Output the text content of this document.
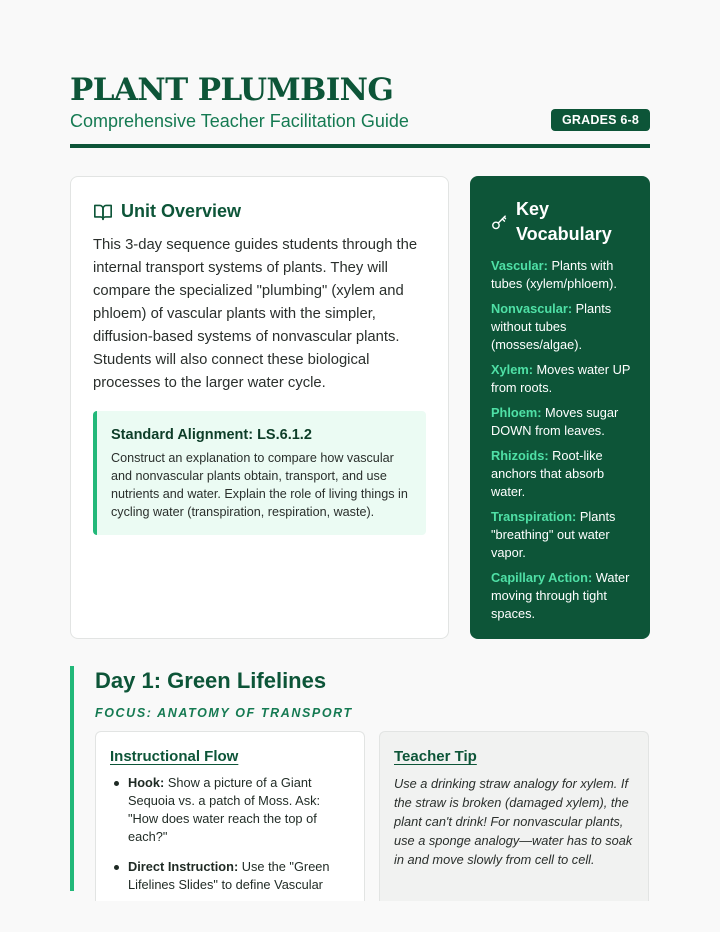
PLANT PLUMBING
Comprehensive Teacher Facilitation Guide	GRADES 6-8
Unit Overview

This 3-day sequence guides students through the internal transport systems of plants. They will compare the specialized "plumbing" (xylem and phloem) of vascular plants with the simpler, diffusion-based systems of nonvascular plants. Students will also connect these biological processes to the larger water cycle.

Standard Alignment: LS.6.1.2
Construct an explanation to compare how vascular and nonvascular plants obtain, transport, and use nutrients and water. Explain the role of living things in cycling water (transpiration, respiration, waste).
Key Vocabulary
Vascular: Plants with tubes (xylem/phloem).
Nonvascular: Plants without tubes (mosses/algae).
Xylem: Moves water UP from roots.
Phloem: Moves sugar DOWN from leaves.
Rhizoids: Root-like anchors that absorb water.
Transpiration: Plants "breathing" out water vapor.
Capillary Action: Water moving through tight spaces.
Day 1: Green Lifelines
FOCUS: ANATOMY OF TRANSPORT
Instructional Flow
Hook: Show a picture of a Giant Sequoia vs. a patch of Moss. Ask: "How does water reach the top of each?"
Direct Instruction: Use the "Green Lifelines Slides" to define Vascular
Teacher Tip

Use a drinking straw analogy for xylem. If the straw is broken (damaged xylem), the plant can't drink! For nonvascular plants, use a sponge analogy—water has to soak in and move slowly from cell to cell.
